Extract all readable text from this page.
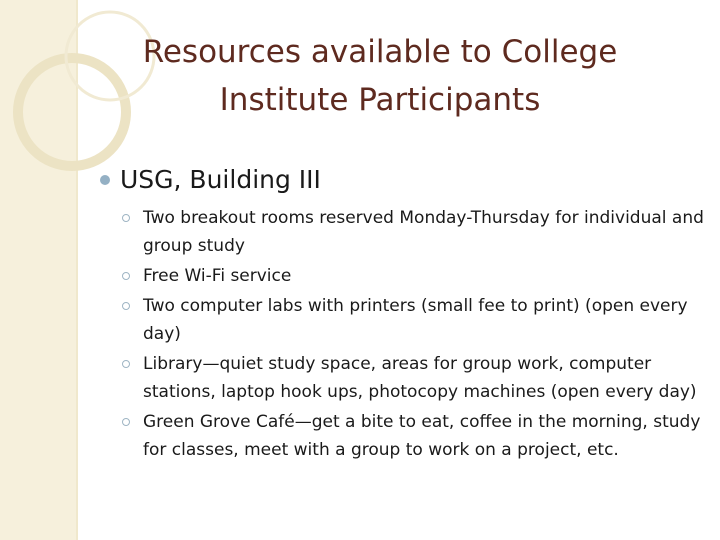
Resources available to College
Institute Participants
USG, Building III
Two breakout rooms reserved Monday-Thursday for individual and group study
Free Wi-Fi service
Two computer labs with printers (small fee to print) (open every day)
Library—quiet study space, areas for group work, computer stations, laptop hook ups, photocopy machines (open every day)
Green Grove Café—get a bite to eat, coffee in the morning, study for classes, meet with a group to work on a project, etc.
